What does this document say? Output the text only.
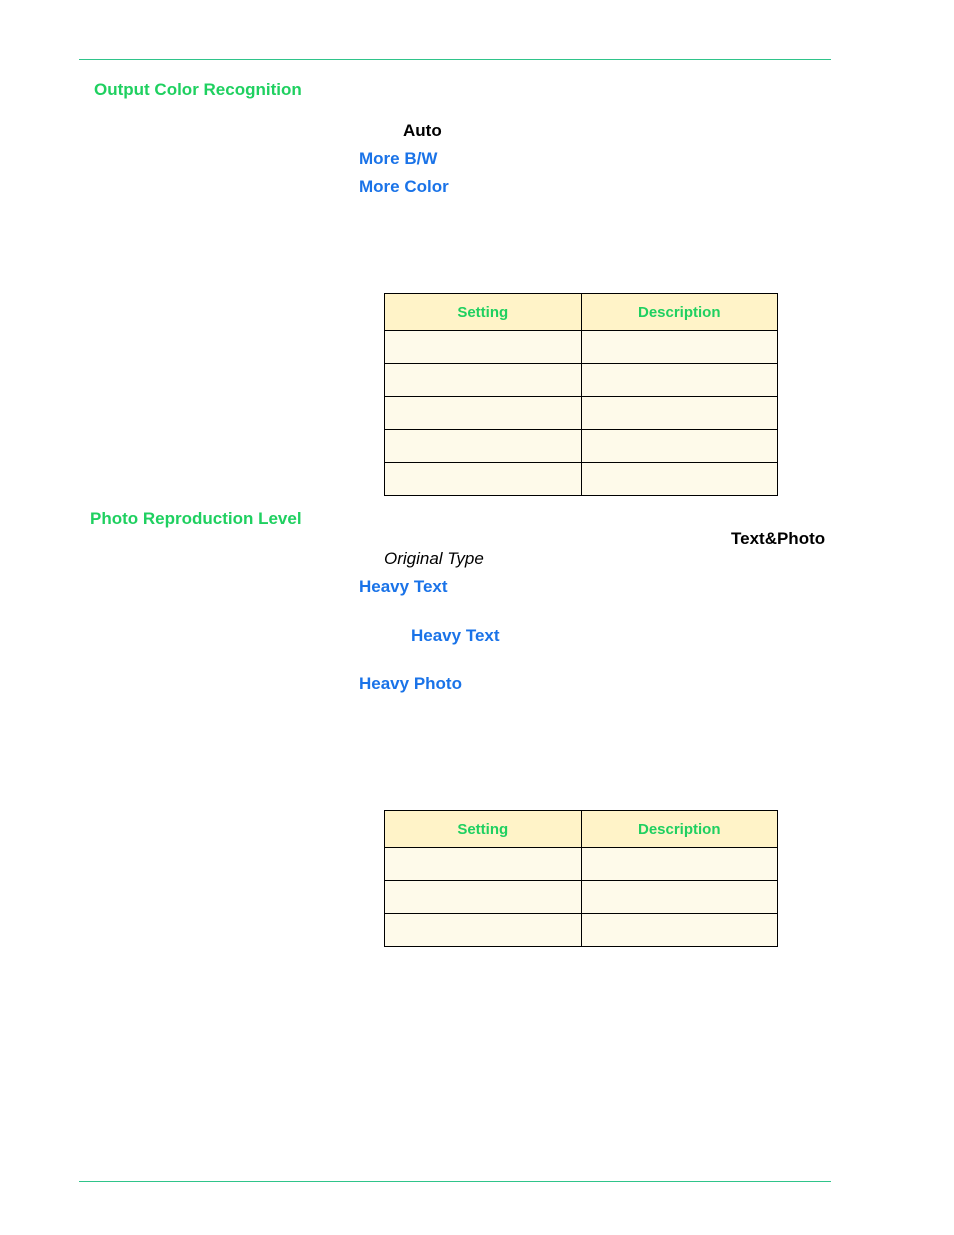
Output Color Recognition
Auto
More B/W
More Color
Setting	Description

Photo Reproduction Level
Text&Photo
Original Type
Heavy Text
Heavy Text
Heavy Photo
Setting	Description
